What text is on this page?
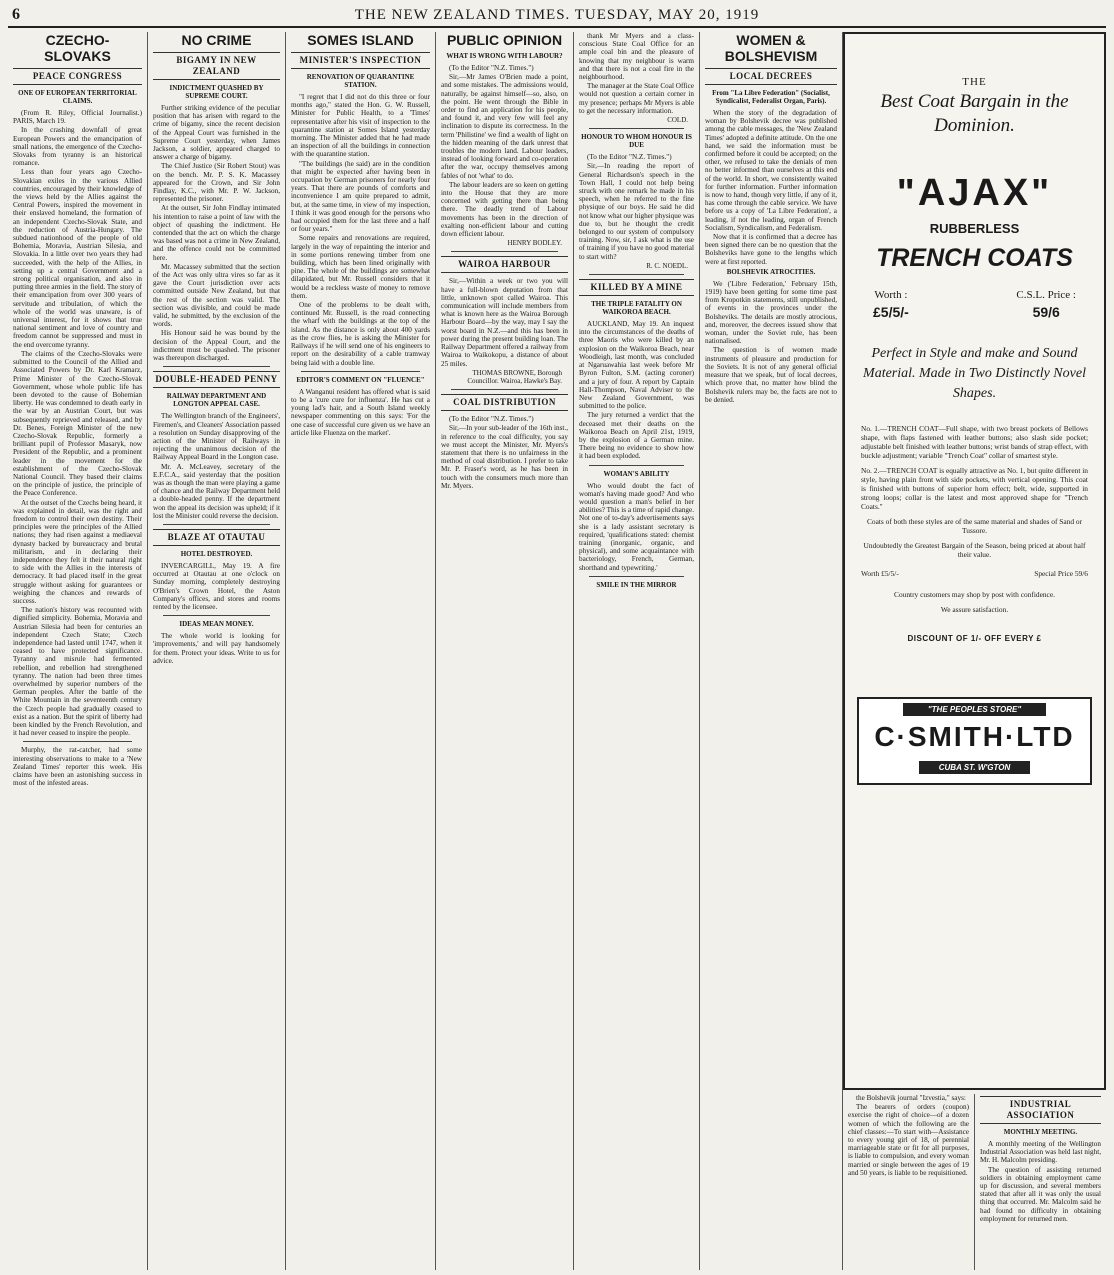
6	THE NEW ZEALAND TIMES. TUESDAY, MAY 20, 1919
CZECHO-SLOVAKS
PEACE CONGRESS
ONE OF EUROPEAN TERRITORIAL CLAIMS.

(From R. Riley, Official Journalist.) PARIS, March 19.

In the crashing downfall of great European Powers and the emancipation of small nations, the emergence of the Czecho-Slovaks from tyranny is an historical romance.

Less than four years ago Czecho-Slovakian exiles in the various Allied countries, encouraged by their knowledge of the views held by the Allies against the Central Powers, inspired the movement in their enslaved homeland, the formation of an independent Czecho-Slovak State, and the reduction of Austria-Hungary. The subdued nationhood of the people of old Bohemia, Moravia, Austrian Silesia, and Slovakia. In a little over two years they had succeeded, with the help of the Allies, in setting up a central Government and a strong political organisation, and also in putting three armies in the field. The story of their emancipation from over 300 years of servitude and tribulation, of which the whole of the world was unaware, is of universal interest, for it shows that true national sentiment and love of country and freedom cannot be suppressed and must in the end overcome tyranny.

The claims of the Czecho-Slovaks were submitted to the Council of the Allied and Associated Powers by Dr. Karl Kramarz, Prime Minister of the Czecho-Slovak Government, whose whole public life has been devoted to the cause of Bohemian liberty. He was condemned to death early in the war by an Austrian Court, but was subsequently reprieved and released, and by Dr. Benes, Foreign Minister of the new Czecho-Slovak Republic, formerly a brilliant pupil of Professor Masaryk, now President of the Republic, and a prominent leader in the movement for the establishment of the Czecho-Slovak National Council. They based their claims on the principle of justice, the principle of the Peace Conference.

At the outset of the Czechs being heard, it was explained in detail, was the right and freedom to control their own destiny. Their principles were the principles of the Allied nations; they had risen against a mediaeval dynasty backed by bureaucracy and brutal militarism, and in declaring their independence they felt it their natural right to side with the Allies in the interests of democracy. It had placed itself in the great struggle without asking for guarantees or weighing the chances and rewards of success.

The nation's history was recounted with dignified simplicity. Bohemia, Moravia and Austrian Silesia had been for centuries an independent Czech State; Czech independence had lasted until 1747, when it ceased to have protected significance. Tyranny and misrule had fermented rebellion, and rebellion had strengthened tyranny. The nation had been three times overwhelmed by superior numbers of the German peoples. After the battle of the White Mountain in the seventeenth century the Czech people had gradually ceased to exist as a nation. But the spirit of liberty had been kindled by the French Revolution, and it had never ceased to inspire the people.

Murphy, the rat-catcher, had some interesting observations to make to a 'New Zealand Times' reporter this week. His claims have been an astonishing success in most of the infested areas.

NO CRIME
BIGAMY IN NEW ZEALAND
INDICTMENT QUASHED BY SUPREME COURT.

Further striking evidence of the peculiar position that has arisen with regard to the crime of bigamy, since the recent decision of the Appeal Court was furnished in the Supreme Court yesterday, when James Jackson, a soldier, appeared charged to answer a charge of bigamy.

The Chief Justice (Sir Robert Stout) was on the bench. Mr. P. S. K. Macassey appeared for the Crown, and Sir John Findlay, K.C., with Mr. P. W. Jackson, represented the prisoner.

At the outset, Sir John Findlay intimated his intention to raise a point of law with the object of quashing the indictment. He contended that the act on which the charge was based was not a crime in New Zealand, and the offence could not be committed here.

Mr. Macassey submitted that the section of the Act was only ultra vires so far as it gave the Court jurisdiction over acts committed outside New Zealand, but that the rest of the section was valid. The section was divisible, and could be made valid, he submitted, by the exclusion of the words.

His Honour said he was bound by the decision of the Appeal Court, and the indictment must be quashed. The prisoner was thereupon discharged.

DOUBLE-HEADED PENNY
RAILWAY DEPARTMENT AND LONGTON APPEAL CASE.

The Wellington branch of the Engineers', Firemen's, and Cleaners' Association passed a resolution on Sunday disapproving of the action of the Minister of Railways in rejecting the unanimous decision of the Railway Appeal Board in the Longton case.

Mr. A. McLeavey, secretary of the E.F.C.A., said yesterday that the position was as though the man were playing a game of chance and the Railway Department held a double-headed penny. If the department won the appeal its decision was upheld; if it lost the Minister could reverse the decision.

BLAZE AT OTAUTAU
HOTEL DESTROYED.

INVERCARGILL, May 19. A fire occurred at Otautau at one o'clock on Sunday morning, completely destroying O'Brien's Crown Hotel, the Aston Company's offices, and stores and rooms rented by the licensee.

IDEAS MEAN MONEY.

The whole world is looking for 'improvements,' and will pay handsomely for them. Protect your ideas. Write to us for advice.

SOMES ISLAND
MINISTER'S INSPECTION
RENOVATION OF QUARANTINE STATION.

"I regret that I did not do this three or four months ago," stated the Hon. G. W. Russell, Minister for Public Health, to a 'Times' representative after his visit of inspection to the quarantine station at Somes Island yesterday morning. The Minister added that he had made an inspection of all the buildings in connection with the quarantine station.

"The buildings (he said) are in the condition that might be expected after having been in occupation by German prisoners for nearly four years. That there are pounds of comforts and inconvenience I am quite prepared to admit, but, at the same time, in view of my inspection, I think it was good enough for the persons who had occupied them for the last three and a half or four years."

Some repairs and renovations are required, largely in the way of repainting the interior and in some portions renewing timber from one building, which has been lined originally with pine. The whole of the buildings are somewhat dilapidated, but Mr. Russell considers that it would be a reckless waste of money to remove them.

One of the problems to be dealt with, continued Mr. Russell, is the road connecting the wharf with the buildings at the top of the island. As the distance is only about 400 yards as the crow flies, he is asking the Minister for Railways if he will send one of his engineers to report on the desirability of a cable tramway being laid with a double line.

EDITOR'S COMMENT ON "FLUENCE"

A Wanganui resident has offered what is said to be a 'cure cure for influenza'. He has cut a young lad's hair, and a South Island weekly newspaper commenting on this says: 'For the one case of successful cure given us we have an article like Fluenza on the market'.

PUBLIC OPINION
WHAT IS WRONG WITH LABOUR?

(To the Editor "N.Z. Times.")

Sir,—Mr James O'Brien made a point, and some mistakes. The admissions would, naturally, be against himself—so, also, on the point. He went through the Bible in order to find an application for his people, and found it, and very few will feel any inclination to dispute its correctness. In the term 'Philistine' we find a wealth of light on the hidden meaning of the dark unrest that troubles the modern land. Labour leaders, instead of looking forward and co-operation after the war, occupy themselves among fables of not 'what' to do.

The labour leaders are so keen on getting into the House that they are more concerned with getting there than being there. The deadly trend of Labour movements has been in the direction of exalting non-efficient labour and cutting down efficient labour.

HENRY BODLEY.
WAIROA HARBOUR

Sir,—Within a week or two you will have a full-blown deputation from that little, unknown spot called Wairoa. This communication will include members from what is known here as the Wairoa Borough Harbour Board—by the way, may I say the worst board in N.Z.—and this has been in power during the present building loan. The Railway Department offered a railway from Wairoa to Waikokopu, a distance of about 25 miles.

THOMAS BROWNE, Borough Councillor. Wairoa, Hawke's Bay.
COAL DISTRIBUTION

(To the Editor "N.Z. Times.")

Sir,—In your sub-leader of the 16th inst., in reference to the coal difficulty, you say we must accept the Minister, Mr. Myers's statement that there is no unfairness in the method of coal distribution. I prefer to take Mr. P. Fraser's word, as he has been in touch with the consumers much more than Mr. Myers.

thank Mr Myers and a class-conscious State Coal Office for an ample coal bin and the pleasure of knowing that my neighbour is warm and that there is not a coal fire in the neighbourhood.

The manager at the State Coal Office would not question a certain corner in my presence; perhaps Mr Myers is able to get the necessary information.

COLD.
HONOUR TO WHOM HONOUR IS DUE

(To the Editor "N.Z. Times.")

Sir,—In reading the report of General Richardson's speech in the Town Hall, I could not help being struck with one remark he made in his speech, when he referred to the fine physique of our boys. He said he did not know what our higher physique was due to, but he thought the credit belonged to our system of compulsory training. Now, sir, I ask what is the use of training if you have no good material to start with?

R. C. NOEDL.
KILLED BY A MINE
THE TRIPLE FATALITY ON WAIKOROA BEACH.

AUCKLAND, May 19. An inquest into the circumstances of the deaths of three Maoris who were killed by an explosion on the Waikoroa Beach, near Woodleigh, last month, was concluded at Ngaruawahia last week before Mr Byron Fulton, S.M. (acting coroner) and a jury of four. A report by Captain Hall-Thompson, Naval Adviser to the New Zealand Government, was submitted to the police.

The jury returned a verdict that the deceased met their deaths on the Waikoroa Beach on April 21st, 1919, by the explosion of a German mine. There being no evidence to show how it had been exploded.

WOMAN'S ABILITY

Who would doubt the fact of woman's having made good? And who would question a man's belief in her abilities? This is a time of rapid change. Not one of to-day's advertisements says she is a lady assistant secretary is required, 'qualifications stated: chemist training (inorganic, organic, and physical), and some acquaintance with bacteriology, French, German, shorthand and typewriting.'

SMILE IN THE MIRROR
WOMEN & BOLSHEVISM
LOCAL DECREES
From "La Libre Federation" (Socialist, Syndicalist, Federalist Organ, Paris).

When the story of the degradation of woman by Bolshevik decree was published among the cable messages, the 'New Zealand Times' adopted a definite attitude. On the one hand, we said the information must be confirmed before it could be accepted; on the other, we refused to take the denials of men no better informed than ourselves at this end of the world. In short, we consistently waited for further information. Further information is now to hand, though very little, if any of it, has come through the cable service. We have before us a copy of 'La Libre Federation', a leading, if not the leading, organ of French Socialism, Syndicalism, and Federalism.

Now that it is confirmed that a decree has been signed there can be no question that the Bolsheviks have gone to the lengths which were at first reported.

BOLSHEVIK ATROCITIES.

We ('Libre Federation,' February 15th, 1919) have been getting for some time past from Kropotkin statements, still unpublished, of events in the provinces under the Bolsheviks. The details are mostly atrocious, and, moreover, the decrees issued show that woman, under the Soviet rule, has been nationalised.

The question is of women made instruments of pleasure and production for the Soviets. It is not of any general official measure that we speak, but of local decrees, which prove that, no matter how blind the Bolshevik rulers may be, the facts are not to be denied.

THE
Best Coat Bargain in the Dominion.
"AJAX"
RUBBERLESS
TRENCH COATS
Worth :
£5/5/-
C.S.L. Price :
59/6
Perfect in Style and make and Sound Material. Made in Two Distinctly Novel Shapes.

No. 1.—TRENCH COAT—Full shape, with two breast pockets of Bellows shape, with flaps fastened with leather buttons; also slash side pocket; adjustable belt finished with leather buttons; wrist bands of strap effect, with buckle adjustment; variable "Trench Coat" collar of smartest style.

No. 2.—TRENCH COAT is equally attractive as No. 1, but quite different in style, having plain front with side pockets, with vertical opening. This coat is finished with buttons of superior horn effect; belt, wide, supported in strong loops; collar is the latest and most approved shape for "Trench Coats."

Coats of both these styles are of the same material and shades of Sand or Tussore.
Undoubtedly the Greatest Bargain of the Season, being priced at about half their value.
Worth £5/5/-	Special Price 59/6
Country customers may shop by post with confidence.
We assure satisfaction.
DISCOUNT OF 1/- OFF EVERY £
"THE PEOPLES STORE"
C·SMITH·LTD
CUBA ST. W'GTON

the Bolshevik journal "Izvestia," says:

The bearers of orders (coupon) exercise the right of choice—of a dozen women of which the following are the chief classes:—To start with—Assistance to every young girl of 18, of perennial marriageable state or fit for all purposes, is liable to compulsion, and every woman married or single between the ages of 19 and 50 years, is liable to be requisitioned.

INDUSTRIAL ASSOCIATION
MONTHLY MEETING.

A monthly meeting of the Wellington Industrial Association was held last night, Mr. H. Malcolm presiding.

The question of assisting returned soldiers in obtaining employment came up for discussion, and several members stated that after all it was only the usual thing that occurred. Mr. Malcolm said he had found no difficulty in obtaining employment for returned men.
